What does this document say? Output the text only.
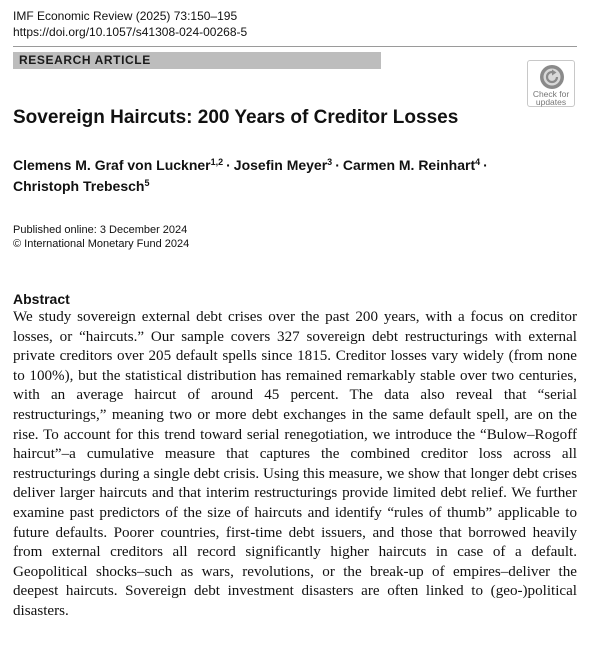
IMF Economic Review (2025) 73:150–195
https://doi.org/10.1057/s41308-024-00268-5
RESEARCH ARTICLE
Check for
updates
Sovereign Haircuts: 200 Years of Creditor Losses
Clemens M. Graf von Luckner$^{1,2}$ · Josefin Meyer$^3$ · Carmen M. Reinhart$^4$ ·
Christoph Trebesch$^5$
Published online: 3 December 2024
© International Monetary Fund 2024
Abstract

We study sovereign external debt crises over the past 200 years, with a focus on creditor losses, or “haircuts.” Our sample covers 327 sovereign debt restructurings with external private creditors over 205 default spells since 1815. Creditor losses vary widely (from none to 100%), but the statistical distribution has remained remarkably stable over two centuries, with an average haircut of around 45 percent. The data also reveal that “serial restructurings,” meaning two or more debt exchanges in the same default spell, are on the rise. To account for this trend toward serial renegotiation, we introduce the “Bulow–Rogoff haircut”–a cumulative measure that captures the combined creditor loss across all restructurings during a single debt crisis. Using this measure, we show that longer debt crises deliver larger haircuts and that interim restructurings provide limited debt relief. We further examine past predictors of the size of haircuts and identify “rules of thumb” applicable to future defaults. Poorer countries, first-time debt issuers, and those that borrowed heavily from external creditors all record significantly higher haircuts in case of a default. Geopolitical shocks–such as wars, revolutions, or the break-up of empires–deliver the deepest haircuts. Sovereign debt investment disasters are often linked to (geo-)political disasters.
